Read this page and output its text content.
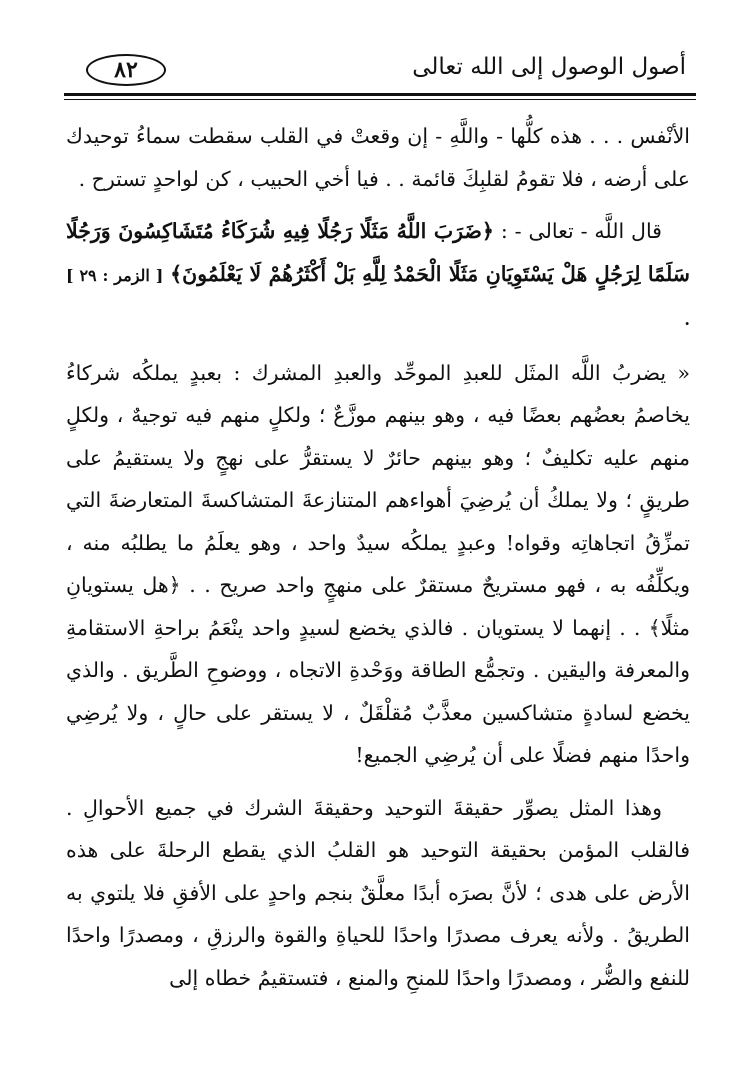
٨٢	أصول الوصول إلى الله تعالى

الأنْفس . . . هذه كلُّها - واللَّهِ - إن وقعتْ في القلب سقطت سماءُ توحيدك على أرضه ، فلا تقومُ لقلبِكَ قائمة . . فيا أخي الحبيب ، كن لواحدٍ تسترح .

قال اللَّه - تعالى - : ﴿ضَرَبَ اللَّهُ مَثَلًا رَجُلًا فِيهِ شُرَكَاءُ مُتَشَاكِسُونَ وَرَجُلًا سَلَمًا لِرَجُلٍ هَلْ يَسْتَوِيَانِ مَثَلًا الْحَمْدُ لِلَّهِ بَلْ أَكْثَرُهُمْ لَا يَعْلَمُونَ﴾ [ الزمر : ٢٩ ] .

« يضربُ اللَّه المثَل للعبدِ الموحِّد والعبدِ المشرك : بعبدٍ يملكُه شركاءُ يخاصمُ بعضُهم بعضًا فيه ، وهو بينهم موزَّعٌ ؛ ولكلٍ منهم فيه توجيهٌ ، ولكلٍ منهم عليه تكليفٌ ؛ وهو بينهم حائرٌ لا يستقرُّ على نهجٍ ولا يستقيمُ على طريقٍ ؛ ولا يملكُ أن يُرضِيَ أهواءهم المتنازعةَ المتشاكسةَ المتعارضةَ التي تمزِّقُ اتجاهاتِه وقواه! وعبدٍ يملكُه سيدٌ واحد ، وهو يعلَمُ ما يطلبُه منه ، ويكلِّفُه به ، فهو مستريحٌ مستقرٌ على منهجٍ واحد صريح . . ﴿هل يستويانِ مثلًا﴾ . . إنهما لا يستويان . فالذي يخضع لسيدٍ واحد ينْعَمُ براحةِ الاستقامةِ والمعرفة واليقين . وتجمُّع الطاقة ووَحْدةِ الاتجاه ، ووضوحِ الطَّريق . والذي يخضع لسادةٍ متشاكسين معذَّبٌ مُقلْقَلٌ ، لا يستقر على حالٍ ، ولا يُرضِي واحدًا منهم فضلًا على أن يُرضِي الجميع!

وهذا المثل يصوِّر حقيقةَ التوحيد وحقيقةَ الشرك في جميع الأحوالِ . فالقلب المؤمن بحقيقة التوحيد هو القلبُ الذي يقطع الرحلةَ على هذه الأرض على هدى ؛ لأنَّ بصرَه أبدًا معلَّقٌ بنجم واحدٍ على الأفقِ فلا يلتوي به الطريقُ . ولأنه يعرف مصدرًا واحدًا للحياةِ والقوة والرزقِ ، ومصدرًا واحدًا للنفع والضُّر ، ومصدرًا واحدًا للمنحِ والمنع ، فتستقيمُ خطاه إلى
